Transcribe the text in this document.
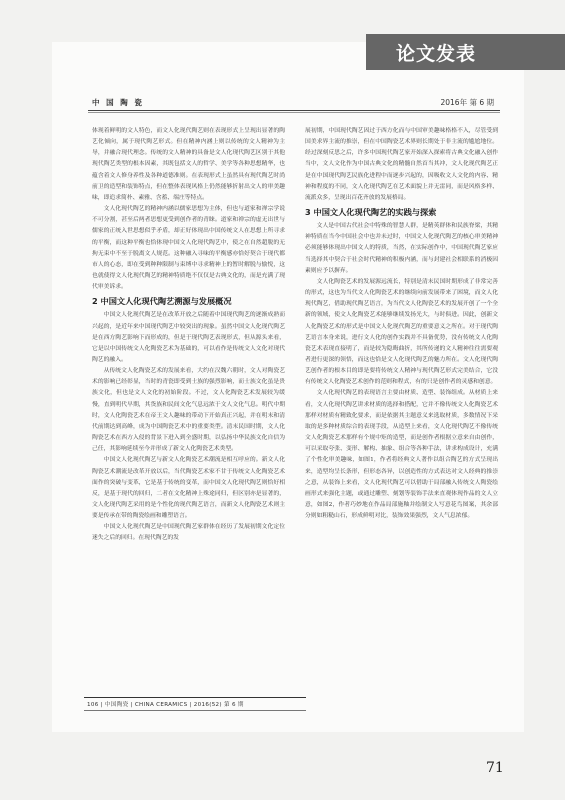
论文发表
中 国 陶 瓷	2016年 第 6 期

体现着鲜明的文人特色，而文人化现代陶艺则在表现形式上呈现出显著的陶艺化倾向，属于现代陶艺形式。但在精神内涵上则以传统的文人精神为主导，并融合现代理念。传统的文人精神的具备是文人化现代陶艺区别于其他现代陶艺类型的根本因素，其既包括文人的哲学、美学等各种思想精华，也蕴含着文人修身养性及各种道德准则。在表现形式上虽然具有现代陶艺时尚前卫的造型和装饰特点，但在整体表现风格上仍然能够折射出文人的审美趣味，即追求简朴、素雅、含蓄、端庄等特点。

文人化现代陶艺的精神内涵以儒家思想为主体，但也与道家和禅宗学说不可分割，甚至后两者思想更受到创作者的青睐。道家和禅宗的虚无出世与儒家的正统入世思想似乎矛盾，却正好体现出中国传统文人在思想上所寻求的平衡，而这种平衡也恰体现中国文人化现代陶艺中，使之在自然超脱的无拘无束中不至于脱离文人规范。这种融入寻味的平衡感亦恰好契合于现代都市人的心态，即在受到种种限制与束缚中寻求精神上的暂时解脱与愉悦，这也就使得文人化现代陶艺的精神特质绝不仅仅是古典文化的，而是充满了现代审美诉求。

2 中国文人化现代陶艺溯源与发展概况

中国文人化现代陶艺是在改革开放之后随着中国现代陶艺的逐渐成熟而兴起的，是近年来中国现代陶艺中较突出的现象。虽然中国文人化现代陶艺是在西方陶艺影响下而形成的，但是于现代陶艺表现形式，但从源头来看，它是以中国传统文人化陶瓷艺术为基础的，可以看作是传统文人文化对现代陶艺的融入。

从传统文人化陶瓷艺术的发展来看，大约在汉魏六朝时，文人对陶瓷艺术的影响已经彰显，当时的青瓷即受到士族的强烈影响，而士族文化虽是贵族文化，但也是文人文化的初始阶段。不过，文人化陶瓷艺术发展较为缓慢，直到明代早期，其货族和民间文化气息远浓于文人文化气息。明代中期时，文人化陶瓷艺术在帝王文人趣味的带动下开始真正兴起，并在明末和清代前期达到高峰，成为中国陶瓷艺术中的重要类型。清末民国时期，文人化陶瓷艺术在西方入侵的背景下进入到全盛时期，以弘扬中华民族文化自信为己任，其影响延续至今并形成了新文人化陶瓷艺术类型。

中国文人化现代陶艺与新文人化陶瓷艺术潮流是相互呼应的。新文人化陶瓷艺术潮流是改革开放以后，当代陶瓷艺术家不甘于传统文人化陶瓷艺术面作的突破与变革，它是基于传统的变革，而中国文人化现代陶艺则恰好相反，是基于现代的回归，二者在文化精神上殊途同归，但区别亦是显著的，文人化现代陶艺采用的是个性化的现代陶艺语言，而新文人化陶瓷艺术则主要是传承在带的陶瓷绘画和雕塑语言。

中国文人化现代陶艺是中国现代陶艺家群体在经历了发展初期文化定位迷失之后的回归。在现代陶艺的发

展初期，中国现代陶艺因过于西方化而与中国审美趣味格格不入，尽管受到国美求界主流的推崇，但在中国陶瓷艺术界则长期处于非主流的尴尬地位。经过深刻反思之后，许多中国现代陶艺家开始深入探索将古典文化融入创作当中，文人文化作为中国古典文化的精髓自然首当其冲，文人化现代陶艺正是在中国现代陶艺民族化进程中而逐步兴起的，因吸收文人文化的内容、精神和程度的不同，文人化现代陶艺在艺术面貌上并无雷同，而是风格多样、流派众多，呈现出百花齐放的发展格局。

3 中国文人化现代陶艺的实践与探索

文人是中国古代社会中特殊的智慧人群，是精英群体和民族脊梁，其精神特质在当今中国社会中也并未过时，中国文人化现代陶艺的核心审美精神必须能够体现出中国文人的特质，当然，在实际创作中，中国现代陶艺家应当选择其中契合于社会时代精神的积极内涵，而与封建社会相联系的消极因素则应予以摒弃。

文人化陶瓷艺术的发展源远流长，特别是清末民国时期形成了非常完善的形式，这也为当代文人化陶瓷艺术的继续向前发展带来了困境，而文人化现代陶艺，借助现代陶艺语言，为当代文人化陶瓷艺术的发展开创了一个全新的领域，使文人化陶瓷艺术能够继续发扬光大，与时俱进。因此，创新文人化陶瓷艺术的形式是中国文人化现代陶艺的重要意义之所在。对于现代陶艺语言本身来说，进行文人化的创作实践并不具备优势，没有传统文人化陶瓷艺术表现直接明了，而是较为隐晦曲折，其所传递的文人精神往往需要观者进行更深的领悟，而这也恰是文人化现代陶艺的魅力所在。文人化现代陶艺创作者的根本目的即是要将传统文人精神与现代陶艺形式完美结合，它没有传统文人化陶瓷艺术创作的范则和程式，有的只是创作者的灵感和创意。

文人化现代陶艺的表现语言主要由材质、造型、装饰组成。从材质上来看，文人化现代陶艺讲求材质的选择和搭配，它并不像传统文人化陶瓷艺术那样对材质有精致化要求，而是依据其主题意义来选取材质，多数情况下采取的是多种材质综合的表现手段，从造型上来看，文人化现代陶艺不像传统文人化陶瓷艺术那样有个规中矩的造型，而是创作者根据立意来自由创作，可以采取夸张、变形、解构、抽象、组合等各种手法，讲求构成设计，充满了个性化审美趣味，如图1，作者将经典文人著作以组合陶艺的方式呈现出来，造型均呈长条形，但形态各异，以创造性的方式表达对文人经典的推崇之意，从装饰上来看，文人化现代陶艺可以借助于局部融入传统文人陶瓷绘画形式来强化主题，或通过雕塑、刻划等装饰手法来直观体现作品的文人立意，如图2，作者巧妙地在作品局部施釉并绘制文人写意花鸟图案，其余部分则如粗糙山石，形成鲜明对比，装饰效果强烈，文人气息浓郁。

106 | 中国陶瓷 | CHINA CERAMICS | 2016(52) 第 6 期
71
